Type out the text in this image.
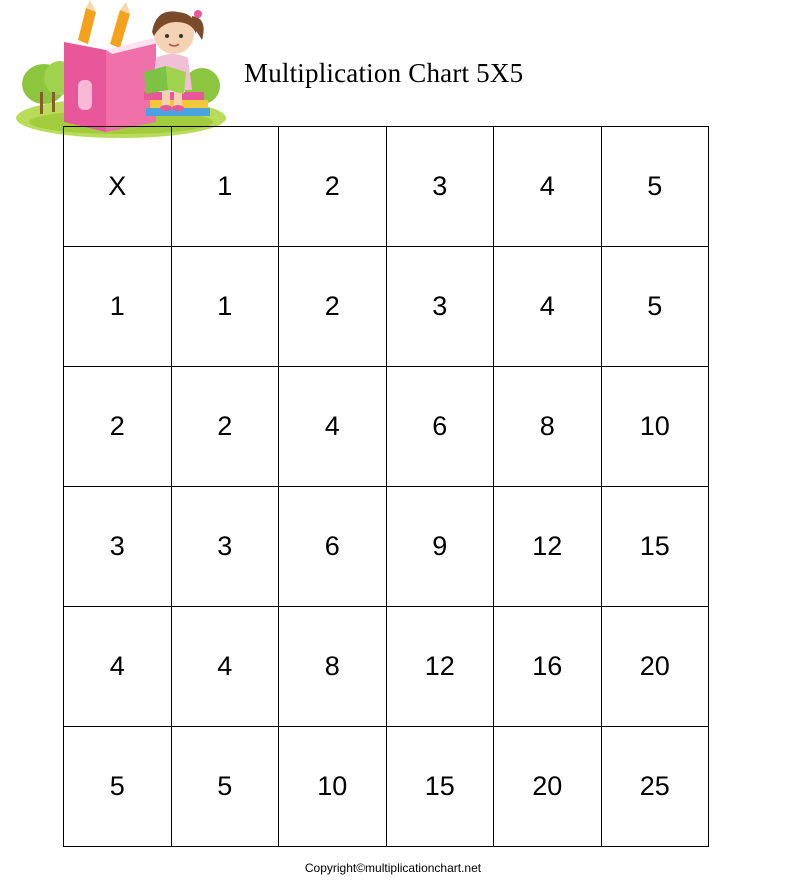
Multiplication Chart 5X5
X	1	2	3	4	5
1	1	2	3	4	5
2	2	4	6	8	10
3	3	6	9	12	15
4	4	8	12	16	20
5	5	10	15	20	25
Copyright©multiplicationchart.net
